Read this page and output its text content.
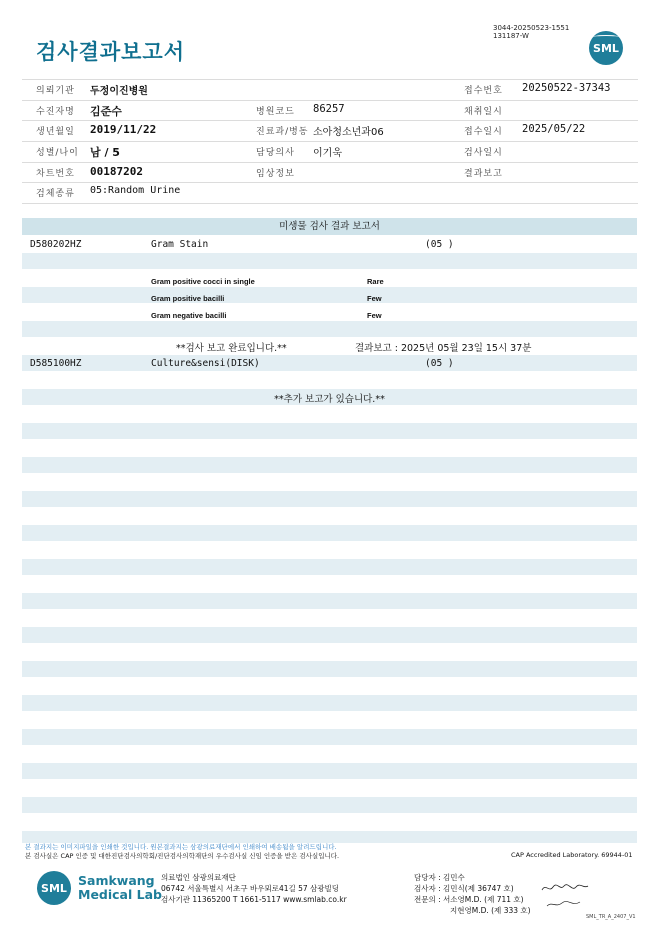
검사결과보고서
3044-20250523-1551
131187-W
SML
의뢰기관 두정이진병원	접수번호 20250522-37343
수진자명 김준수	병원코드 86257	채취일시
생년월일 2019/11/22	진료과/병동 소아청소년과06	접수일시 2025/05/22
성별/나이 남 / 5	담당의사 이기욱	검사일시
차트번호 00187202	임상정보	결과보고
검체종류 05:Random Urine
미생물 검사 결과 보고서
D580202HZ	Gram Stain	(05 )
Gram positive cocci in single	Rare
Gram positive bacilli	Few
Gram negative bacilli	Few
**검사 보고 완료입니다.**	결과보고 : 2025년 05월 23일 15시 37분
D585100HZ	Culture&sensi(DISK)	(05 )
**추가 보고가 있습니다.**
본 결과지는 이미지파일을 인쇄한 것입니다. 원본결과지는 삼광의료재단에서 인쇄하여 배송됨을 알려드립니다.
본 검사실은 CAP 인증 및 대한진단검사의학회/진단검사의학재단의 우수검사실 신임 인증을 받은 검사실입니다.	CAP Accredited Laboratory. 69944-01
SML Samkwang
Medical Lab
의료법인 삼광의료재단
06742 서울특별시 서초구 바우뫼로41길 57 삼광빌딩
검사기관 11365200 T 1661-5117 www.smlab.co.kr
담당자 : 김민수
검사자 : 김민식(제 36747 호)
전문의 : 서소영M.D. (제 711 호)
지현영M.D. (제 333 호)
SML_TR_A_2407_V1
